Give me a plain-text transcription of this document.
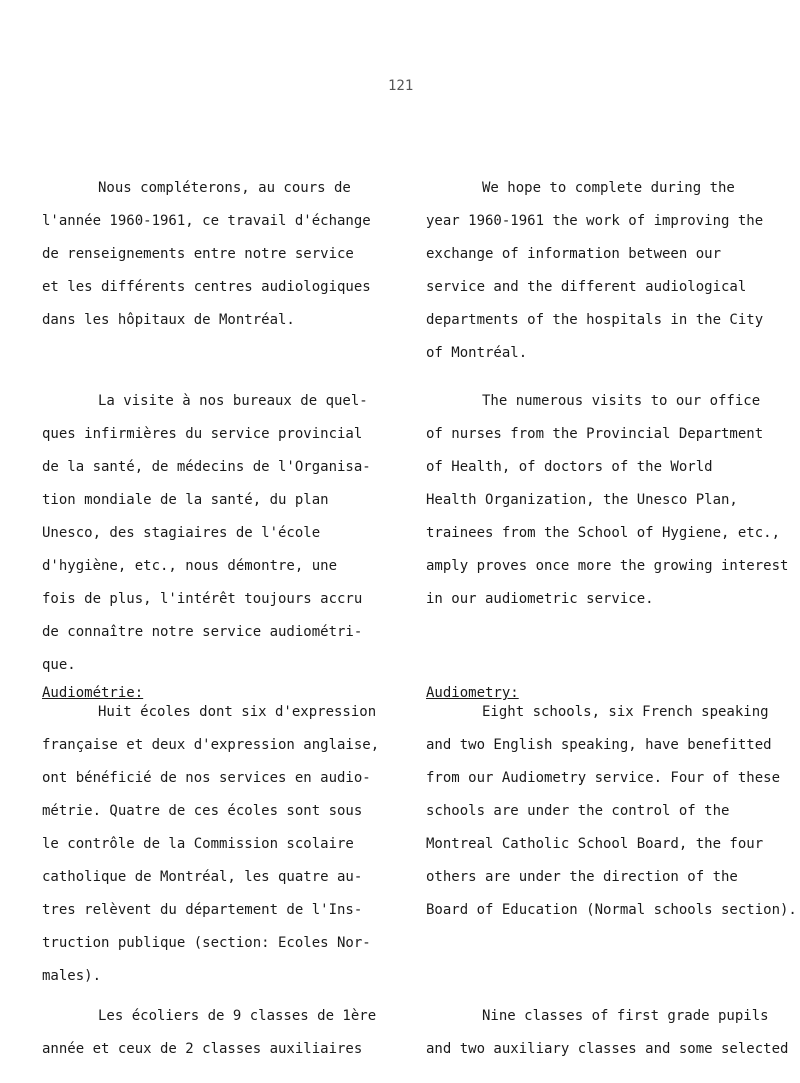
121
Nous compléterons, au cours de
l'année 1960-1961, ce travail d'échange
de renseignements entre notre service
et les différents centres audiologiques
dans les hôpitaux de Montréal.
La visite à nos bureaux de quel-
ques infirmières du service provincial
de la santé, de médecins de l'Organisa-
tion mondiale de la santé, du plan
Unesco, des stagiaires de l'école
d'hygiène, etc., nous démontre, une
fois de plus, l'intérêt toujours accru
de connaître notre service audiométri-
que.
Audiométrie:
Huit écoles dont six d'expression
française et deux d'expression anglaise,
ont bénéficié de nos services en audio-
métrie. Quatre de ces écoles sont sous
le contrôle de la Commission scolaire
catholique de Montréal, les quatre au-
tres relèvent du département de l'Ins-
truction publique (section: Ecoles Nor-
males).
Les écoliers de 9 classes de 1ère
année et ceux de 2 classes auxiliaires
We hope to complete during the
year 1960-1961 the work of improving the
exchange of information between our
service and the different audiological
departments of the hospitals in the City
of Montréal.
The numerous visits to our office
of nurses from the Provincial Department
of Health, of doctors of the World
Health Organization, the Unesco Plan,
trainees from the School of Hygiene, etc.,
amply proves once more the growing interest
in our audiometric service.
Audiometry:
Eight schools, six French speaking
and two English speaking, have benefitted
from our Audiometry service. Four of these
schools are under the control of the
Montreal Catholic School Board, the four
others are under the direction of the
Board of Education (Normal schools section).
Nine classes of first grade pupils
and two auxiliary classes and some selected
